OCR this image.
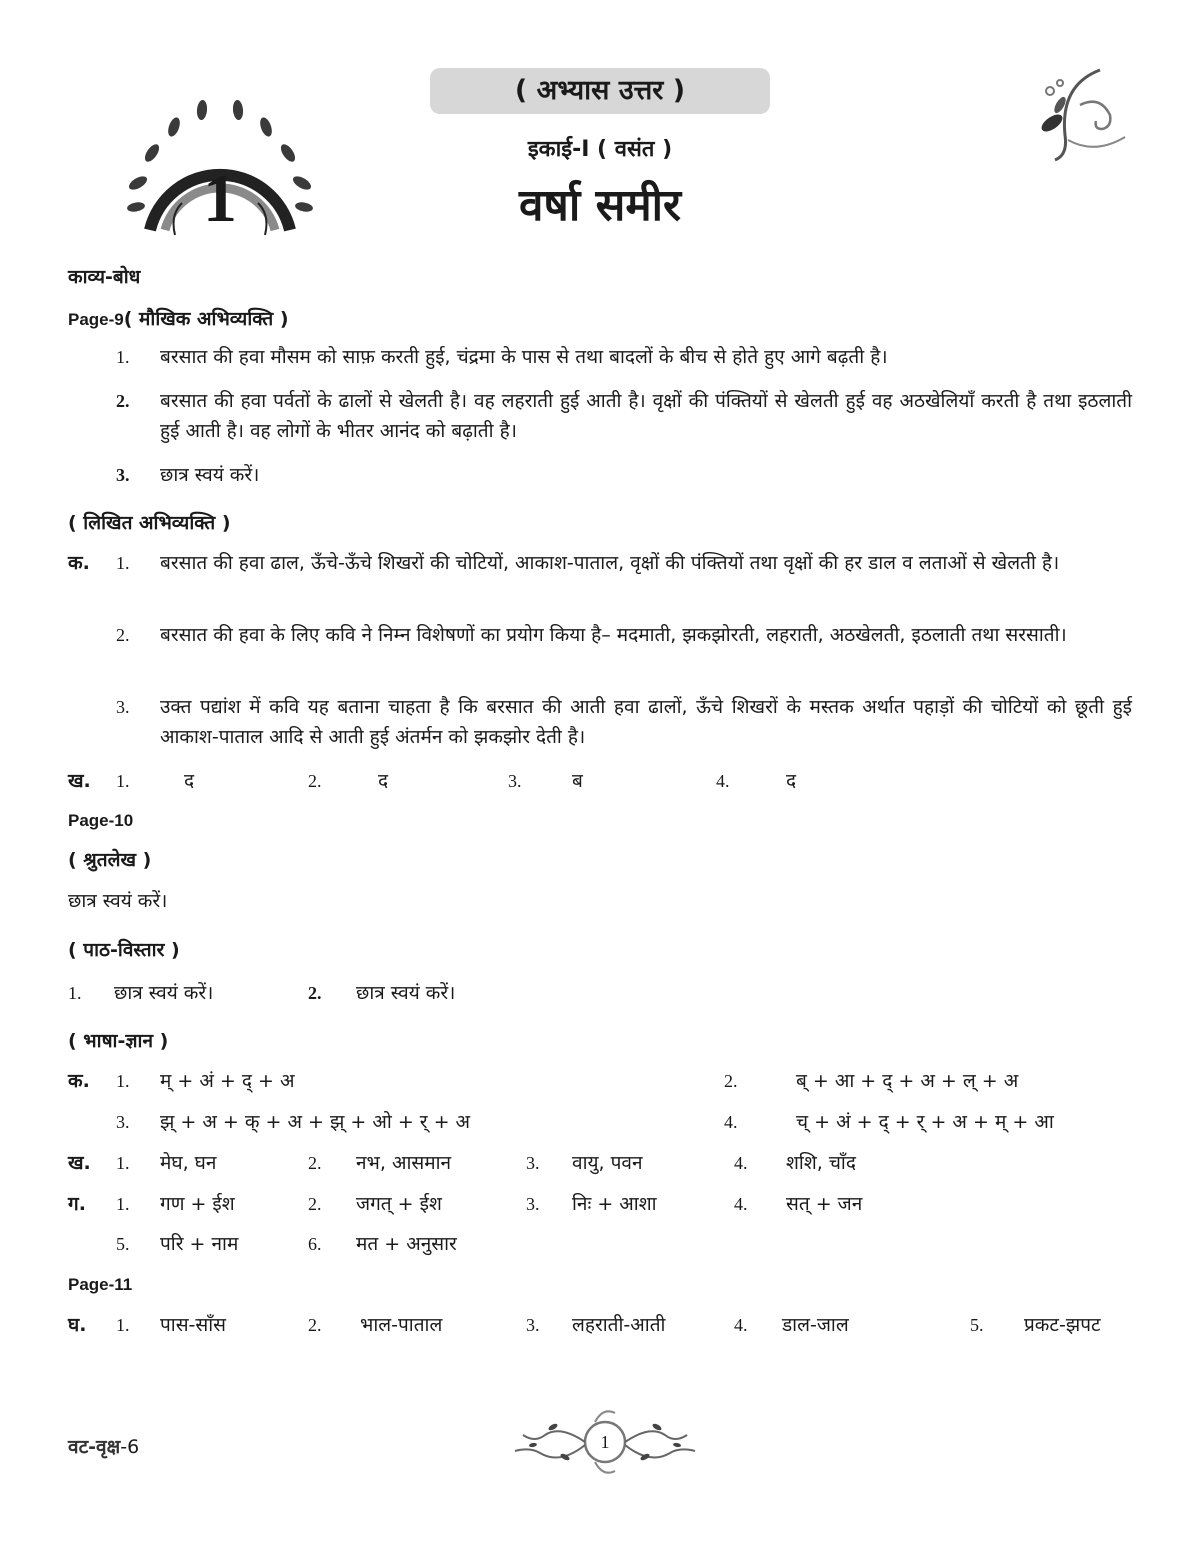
1
( अभ्यास उत्तर )
इकाई-I ( वसंत )
वर्षा समीर
काव्य-बोध
Page-9( मौखिक अभिव्यक्ति )
1. बरसात की हवा मौसम को साफ़ करती हुई, चंद्रमा के पास से तथा बादलों के बीच से होते हुए आगे बढ़ती है।
2. बरसात की हवा पर्वतों के ढालों से खेलती है। वह लहराती हुई आती है। वृक्षों की पंक्तियों से खेलती हुई वह अठखेलियाँ करती है तथा इठलाती हुई आती है। वह लोगों के भीतर आनंद को बढ़ाती है।
3. छात्र स्वयं करें।
( लिखित अभिव्यक्ति )
क. 1. बरसात की हवा ढाल, ऊँचे-ऊँचे शिखरों की चोटियों, आकाश-पाताल, वृक्षों की पंक्तियों तथा वृक्षों की हर डाल व लताओं से खेलती है।
2. बरसात की हवा के लिए कवि ने निम्न विशेषणों का प्रयोग किया है– मदमाती, झकझोरती, लहराती, अठखेलती, इठलाती तथा सरसाती।
3. उक्त पद्यांश में कवि यह बताना चाहता है कि बरसात की आती हवा ढालों, ऊँचे शिखरों के मस्तक अर्थात पहाड़ों की चोटियों को छूती हुई आकाश-पाताल आदि से आती हुई अंतर्मन को झकझोर देती है।
ख. 1.	द	2.	द	3.	ब	4.	द
Page-10
( श्रुतलेख )
छात्र स्वयं करें।
( पाठ-विस्तार )
1. छात्र स्वयं करें।	2. छात्र स्वयं करें।
( भाषा-ज्ञान )
क. 1. म् + अं + द् + अ	2.	ब् + आ + द् + अ + ल् + अ
3. झ् + अ + क् + अ + झ् + ओ + र् + अ	4.	च् + अं + द् + र् + अ + म् + आ
ख. 1. मेघ, घन	2. नभ, आसमान	3. वायु, पवन	4. शशि, चाँद
ग. 1. गण + ईश	2. जगत् + ईश	3. निः + आशा	4. सत् + जन
5. परि + नाम	6. मत + अनुसार
Page-11
घ. 1. पास-साँस	2. भाल-पाताल	3. लहराती-आती	4. डाल-जाल	5. प्रकट-झपट
वट-वृक्ष-6	1
